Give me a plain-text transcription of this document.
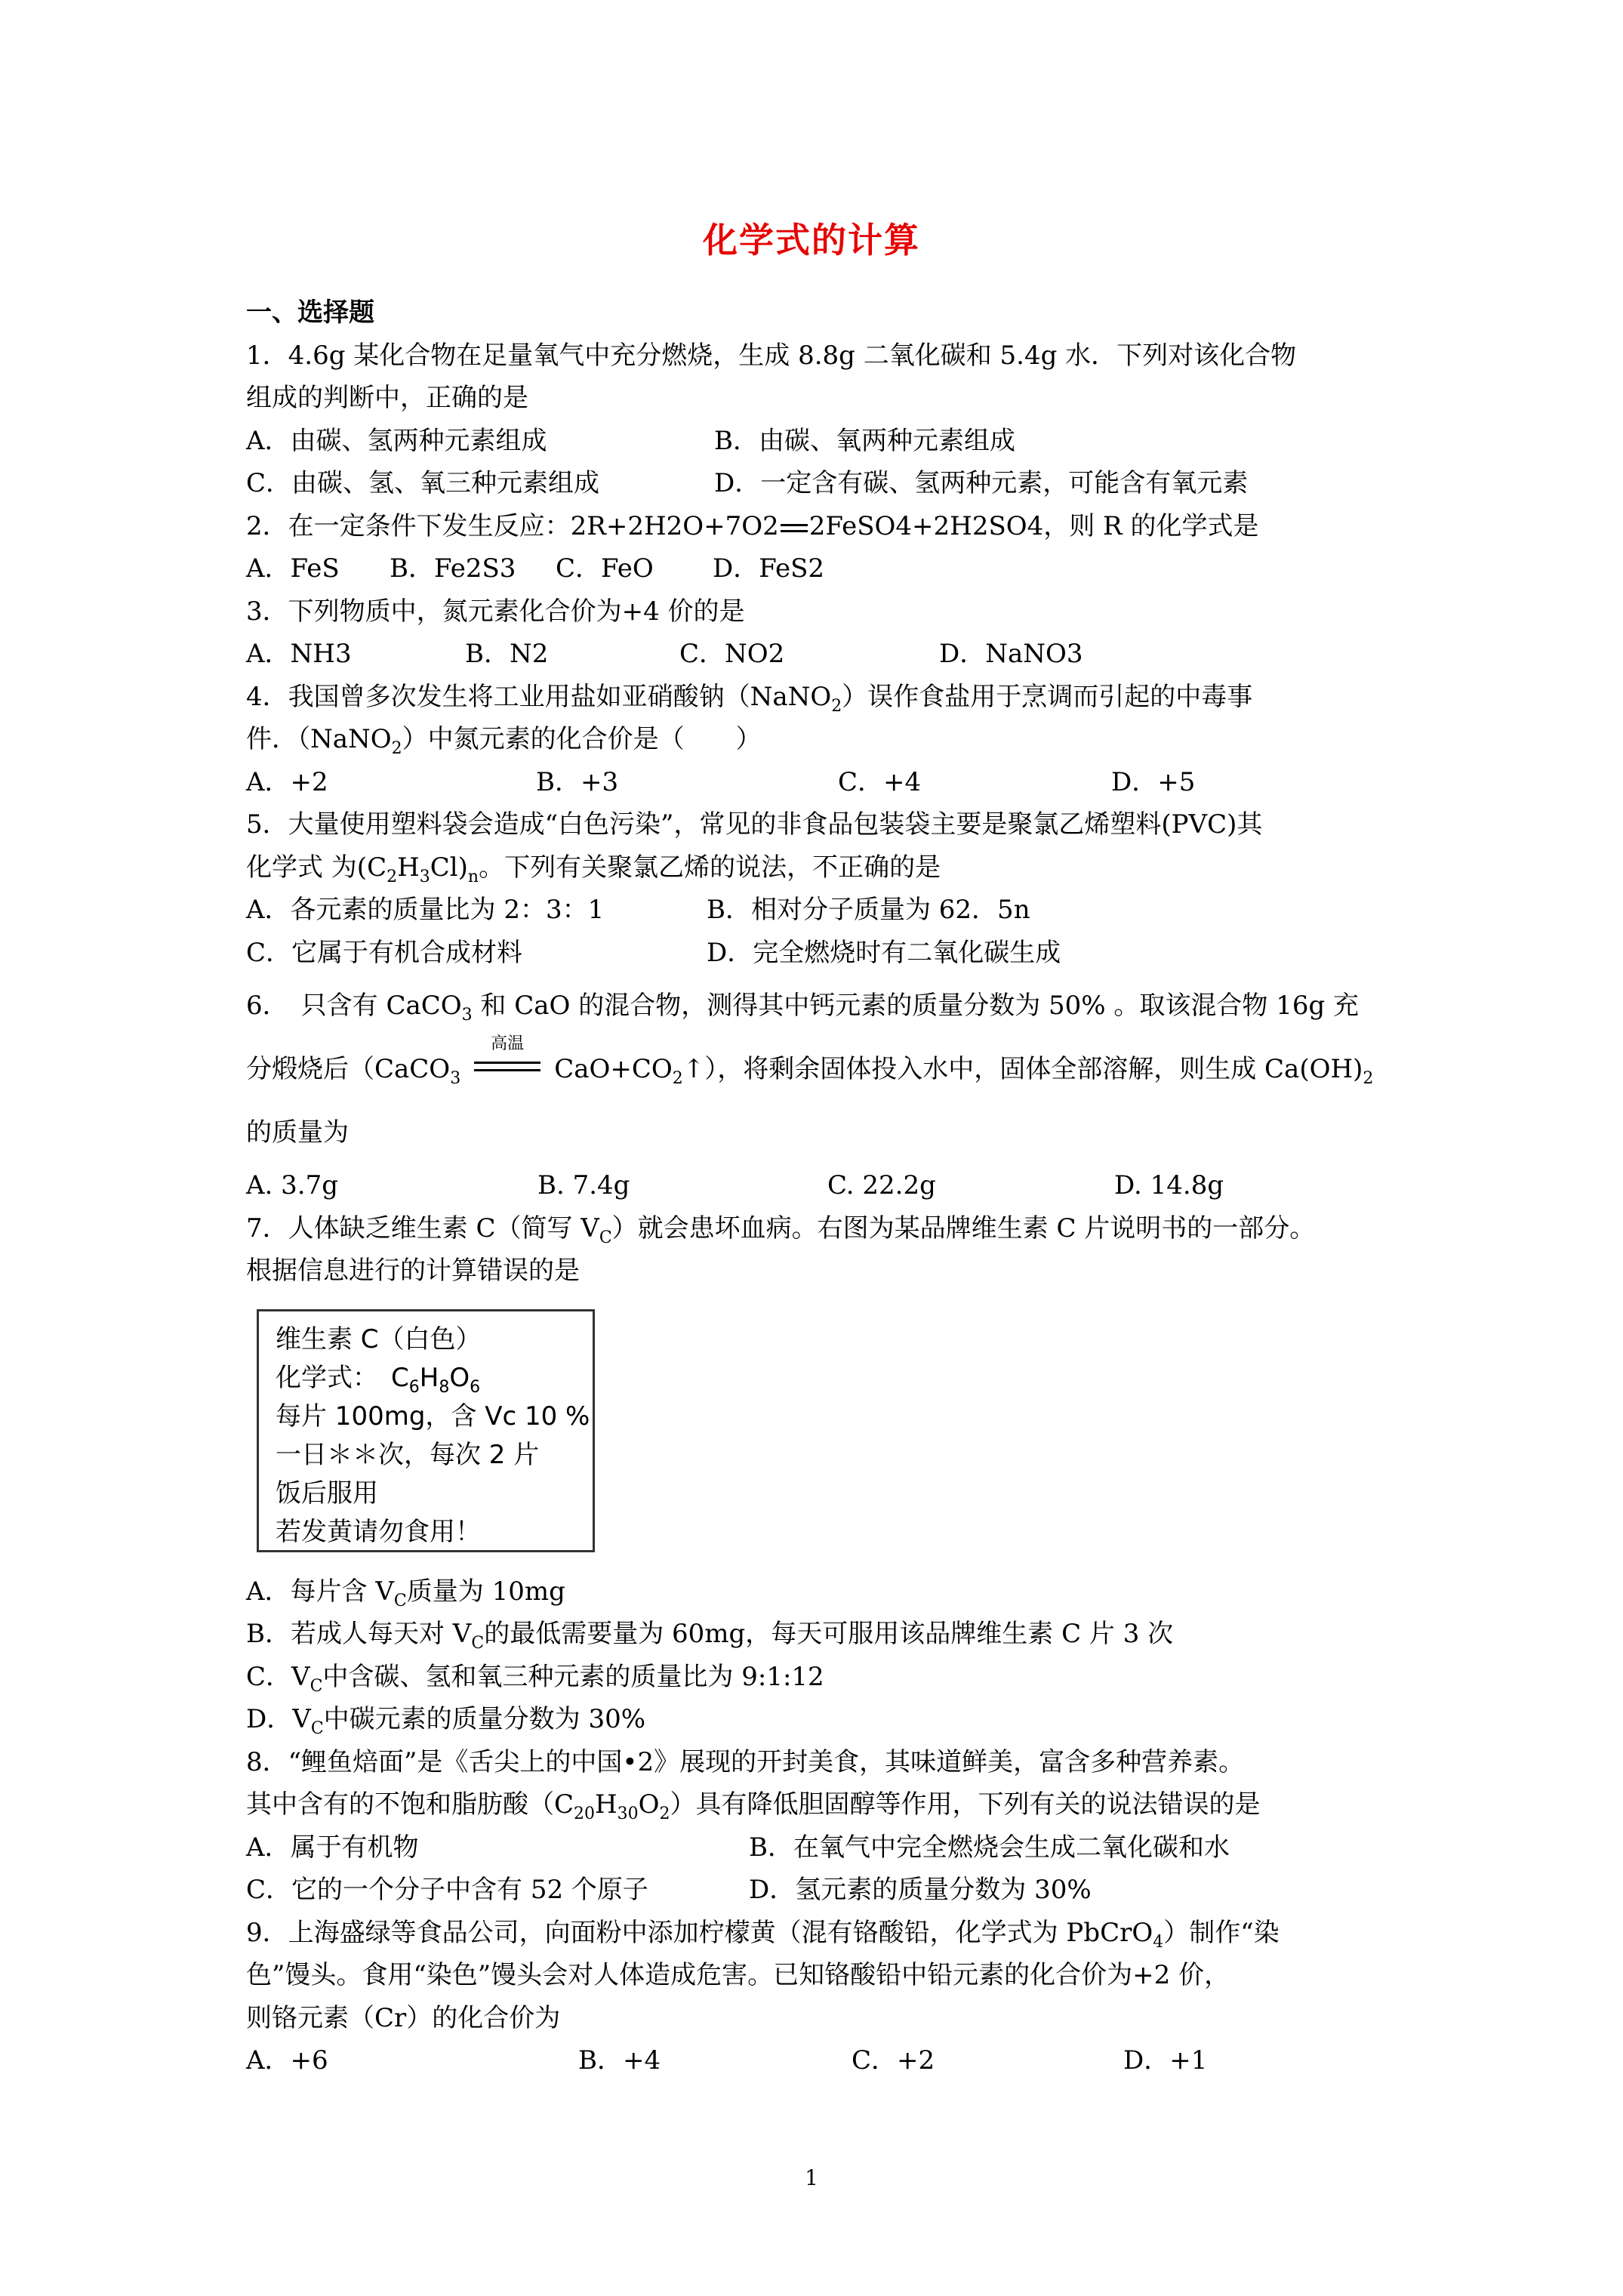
化学式的计算
一、选择题
1．4.6g 某化合物在足量氧气中充分燃烧，生成 8.8g 二氧化碳和 5.4g 水．下列对该化合物
组成的判断中，正确的是
A．由碳、氢两种元素组成	B．由碳、氧两种元素组成
C．由碳、氢、氧三种元素组成	D．一定含有碳、氢两种元素，可能含有氧元素
2．在一定条件下发生反应：2R+2H2O+7O2 2FeSO4+2H2SO4，则 R 的化学式是
A．FeS B．Fe2S3 C．FeO D．FeS2
3．下列物质中，氮元素化合价为+4 价的是
A．NH3	B．N2	C．NO2	D．NaNO3
4．我国曾多次发生将工业用盐如亚硝酸钠（NaNO$_2$）误作食盐用于烹调而引起的中毒事
件．（NaNO$_2$）中氮元素的化合价是（　　）
A．+2	B．+3	C．+4	D．+5
5．大量使用塑料袋会造成“白色污染”，常见的非食品包装袋主要是聚氯乙烯塑料(PVC)其
化学式 为$(C_2H_3Cl)_n$。下列有关聚氯乙烯的说法，不正确的是
A．各元素的质量比为 2：3：1	B．相对分子质量为 62．5n
C．它属于有机合成材料	D．完全燃烧时有二氧化碳生成
6．　只含有 CaCO$_3$ 和 CaO 的混合物，测得其中钙元素的质量分数为 50% 。取该混合物 16g 充
分煅烧后（CaCO$_3$
高温
$CaO+CO_2↑$），将剩余固体投入水中，固体全部溶解，则生成 $Ca(OH)_2$
的质量为
A. 3.7g	B. 7.4g	C. 22.2g	D. 14.8g
7．人体缺乏维生素 C（简写 $V_C$）就会患坏血病。右图为某品牌维生素 C 片说明书的一部分。
根据信息进行的计算错误的是
维生素 C（白色）
化学式：　$C_6H_8O_6$
每片 100mg，含 Vc 10 %
一日＊＊次，每次 2 片
饭后服用
若发黄请勿食用！
A．每片含 $V_C$质量为 10mg
B．若成人每天对 $V_C$的最低需要量为 60mg，每天可服用该品牌维生素 C 片 3 次
C．$V_C$中含碳、氢和氧三种元素的质量比为 9:1:12
D．$V_C$中碳元素的质量分数为 30%
8．“鲤鱼焙面”是《舌尖上的中国•2》展现的开封美食，其味道鲜美，富含多种营养素。
其中含有的不饱和脂肪酸$(C_{20}H_{30}O_2)$具有降低胆固醇等作用，下列有关的说法错误的是
A．属于有机物	B．在氧气中完全燃烧会生成二氧化碳和水
C．它的一个分子中含有 52 个原子	D．氢元素的质量分数为 30%
9．上海盛绿等食品公司，向面粉中添加柠檬黄（混有铬酸铅，化学式为 PbCrO$_4$）制作“染
色”馒头。食用“染色”馒头会对人体造成危害。已知铬酸铅中铅元素的化合价为+2 价，
则铬元素（Cr）的化合价为
A．+6	B．+4	C．+2	D．+1
1
